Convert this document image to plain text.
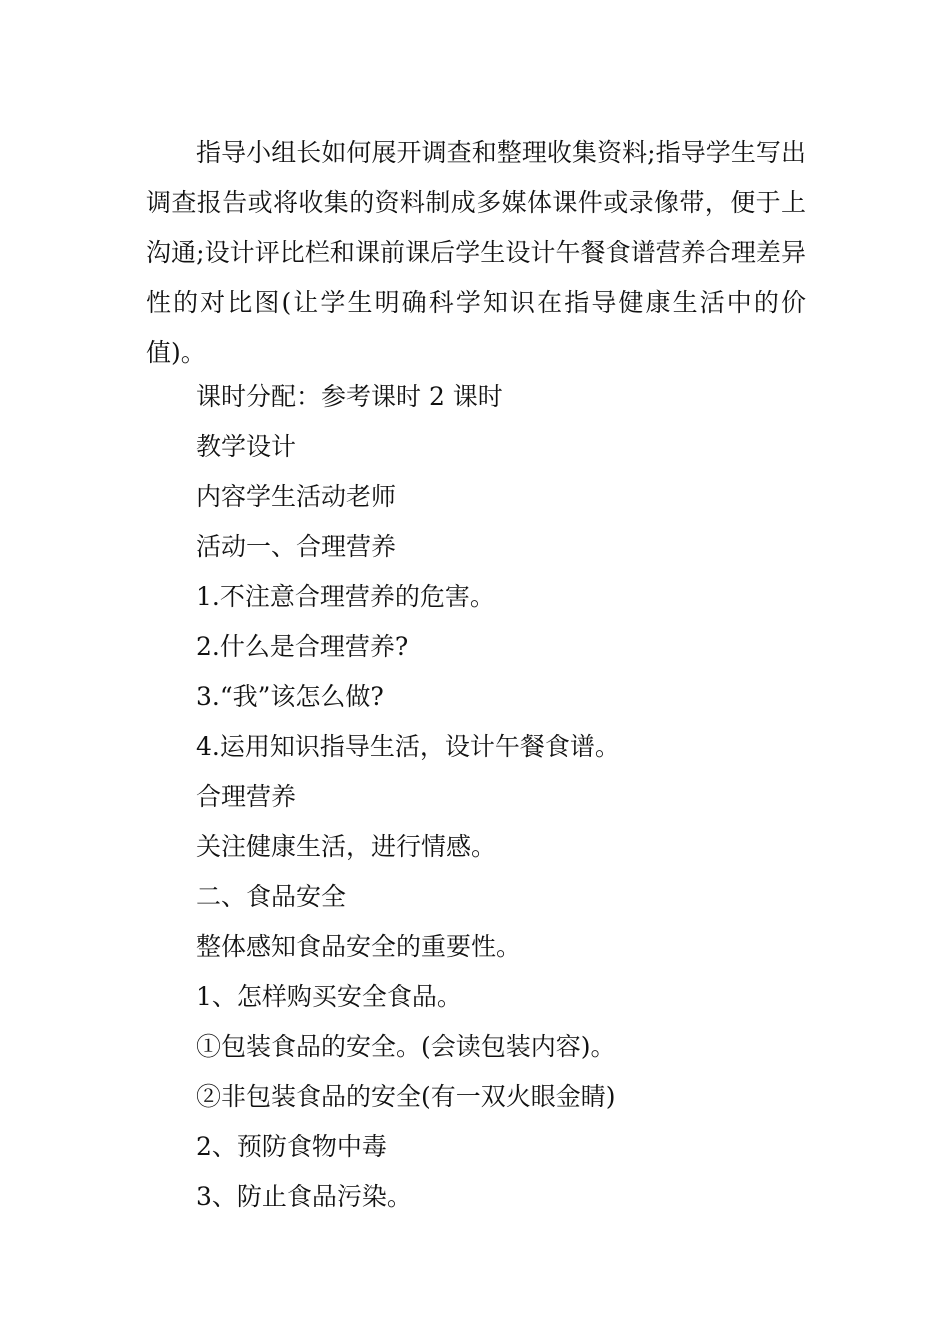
指导小组长如何展开调查和整理收集资料;指导学生写出调查报告或将收集的资料制成多媒体课件或录像带，便于上沟通;设计评比栏和课前课后学生设计午餐食谱营养合理差异性的对比图(让学生明确科学知识在指导健康生活中的价值)。

课时分配：参考课时 2 课时

教学设计

内容学生活动老师

活动一、合理营养

1.不注意合理营养的危害。

2.什么是合理营养?

3.“我”该怎么做?

4.运用知识指导生活，设计午餐食谱。

合理营养

关注健康生活，进行情感。

二、食品安全

整体感知食品安全的重要性。

1、怎样购买安全食品。

①包装食品的安全。(会读包装内容)。

②非包装食品的安全(有一双火眼金睛)

2、预防食物中毒

3、防止食品污染。
